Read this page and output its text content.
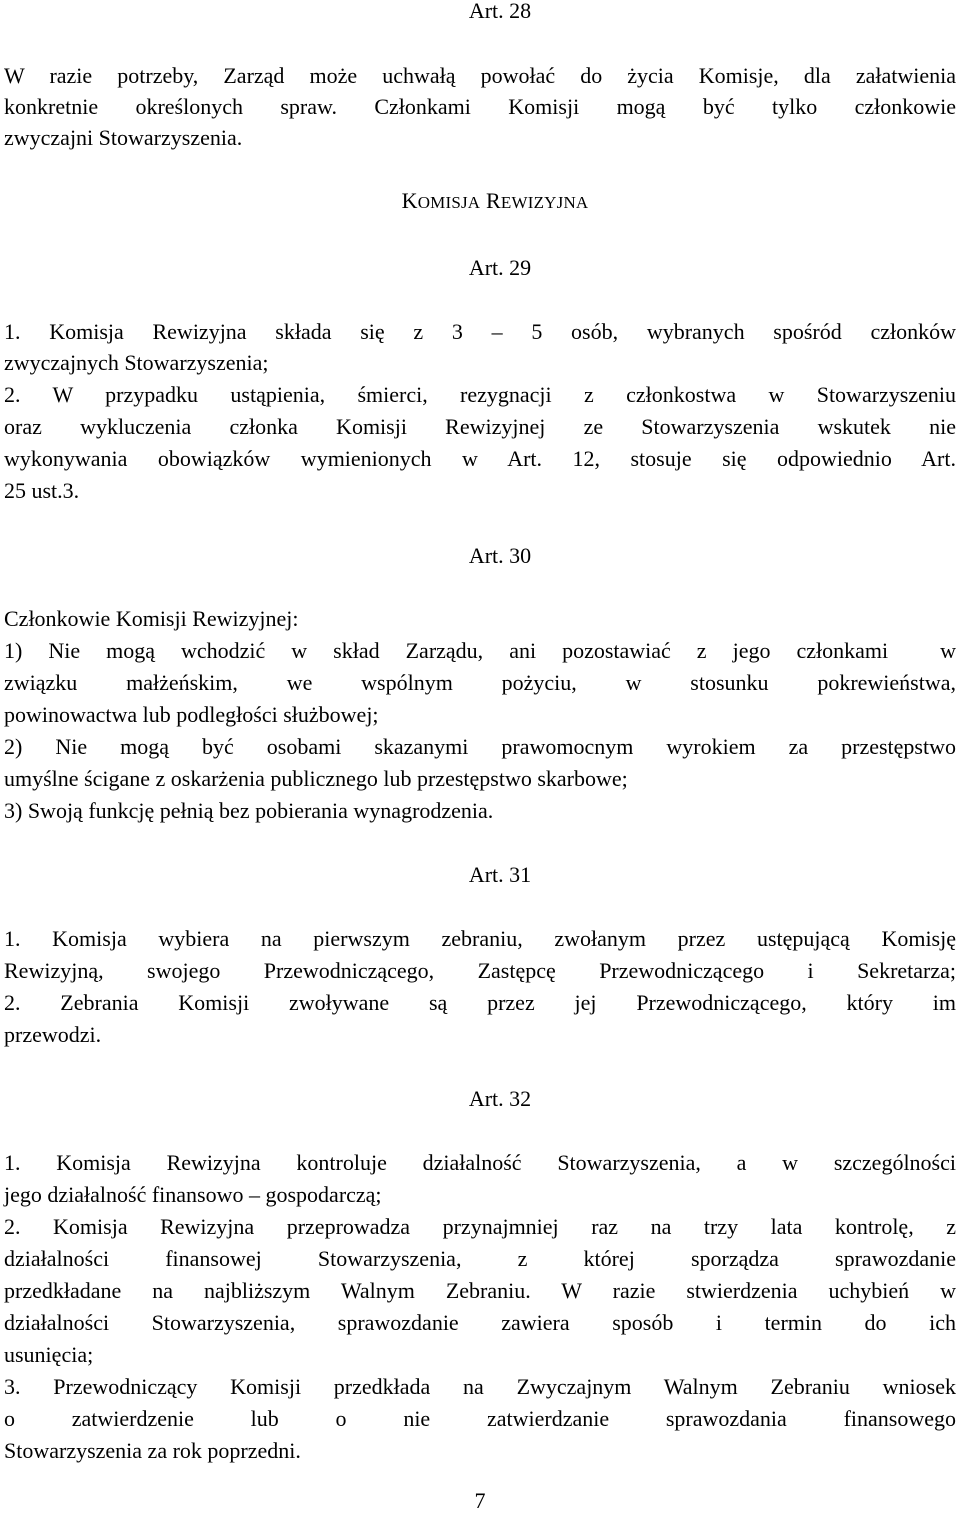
Art. 28
W razie potrzeby, Zarząd może uchwałą powołać do życia Komisje, dla załatwienia
konkretnie określonych spraw. Członkami Komisji mogą być tylko członkowie
zwyczajni Stowarzyszenia.
KOMISJA REWIZYJNA
Art. 29
1. Komisja Rewizyjna składa się z 3 – 5 osób, wybranych spośród członków
zwyczajnych Stowarzyszenia;
2. W przypadku ustąpienia, śmierci, rezygnacji z członkostwa w Stowarzyszeniu
oraz wykluczenia członka Komisji Rewizyjnej ze Stowarzyszenia wskutek nie
wykonywania obowiązków wymienionych w Art. 12, stosuje się odpowiednio Art.
25 ust.3.
Art. 30
Członkowie Komisji Rewizyjnej:
1) Nie mogą wchodzić w skład Zarządu, ani pozostawiać z jego członkami  w
związku małżeńskim, we wspólnym pożyciu, w stosunku pokrewieństwa,
powinowactwa lub podległości służbowej;
2) Nie mogą być osobami skazanymi prawomocnym wyrokiem za przestępstwo
umyślne ścigane z oskarżenia publicznego lub przestępstwo skarbowe;
3) Swoją funkcję pełnią bez pobierania wynagrodzenia.
Art. 31
1. Komisja wybiera na pierwszym zebraniu, zwołanym przez ustępującą Komisję
Rewizyjną, swojego Przewodniczącego, Zastępcę Przewodniczącego i Sekretarza;
2. Zebrania Komisji zwoływane są przez jej Przewodniczącego, który im
przewodzi.
Art. 32
1. Komisja Rewizyjna kontroluje działalność Stowarzyszenia, a w szczególności
jego działalność finansowo – gospodarczą;
2. Komisja Rewizyjna przeprowadza przynajmniej raz na trzy lata kontrolę, z
działalności finansowej Stowarzyszenia, z której sporządza sprawozdanie
przedkładane na najbliższym Walnym Zebraniu. W razie stwierdzenia uchybień w
działalności Stowarzyszenia, sprawozdanie zawiera sposób i termin do ich
usunięcia;
3. Przewodniczący Komisji przedkłada na Zwyczajnym Walnym Zebraniu wniosek
o zatwierdzenie lub o nie zatwierdzanie sprawozdania finansowego
Stowarzyszenia za rok poprzedni.
7
